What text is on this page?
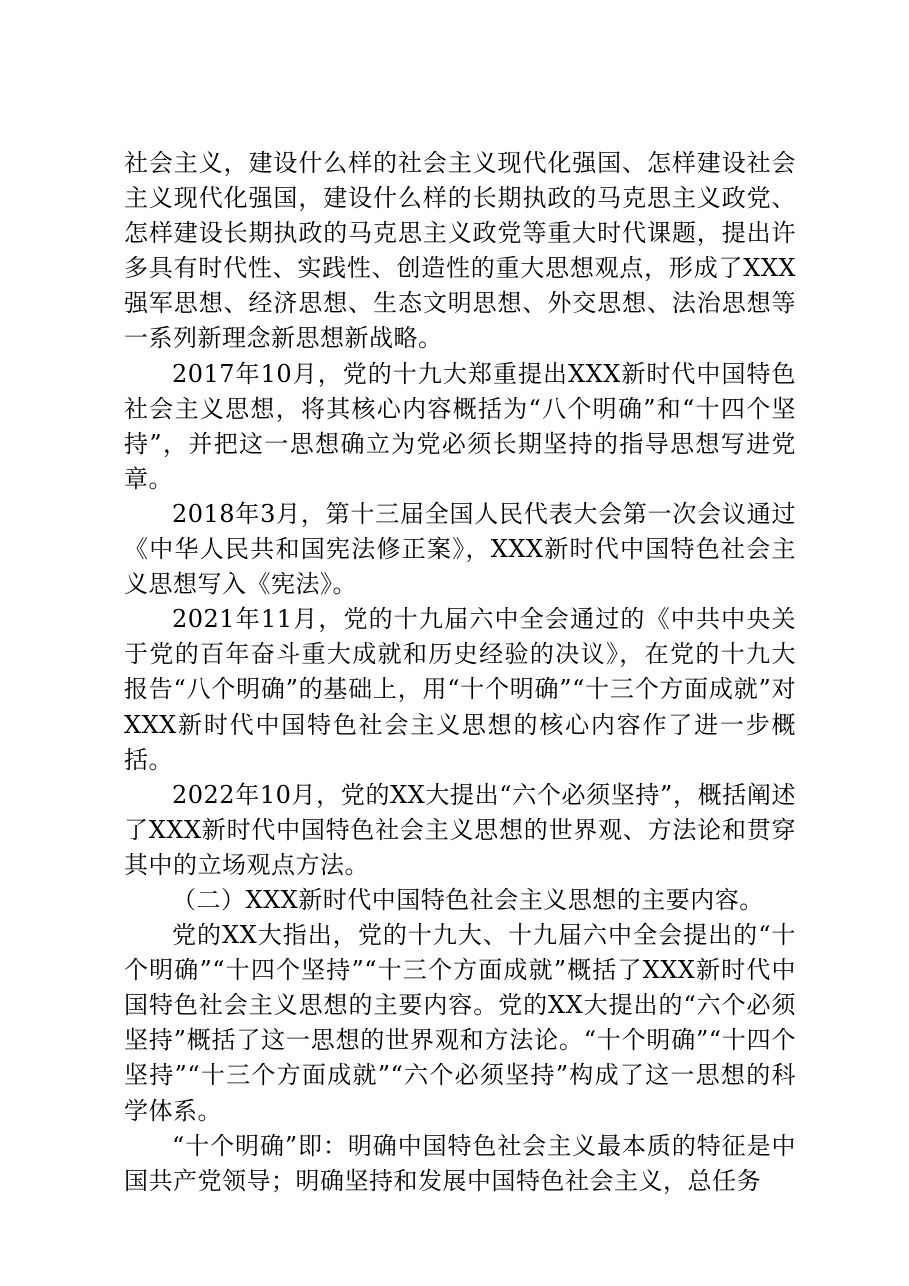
社会主义，建设什么样的社会主义现代化强国、怎样建设社会主义现代化强国，建设什么样的长期执政的马克思主义政党、怎样建设长期执政的马克思主义政党等重大时代课题，提出许多具有时代性、实践性、创造性的重大思想观点，形成了XXX强军思想、经济思想、生态文明思想、外交思想、法治思想等一系列新理念新思想新战略。

2017年10月，党的十九大郑重提出XXX新时代中国特色社会主义思想，将其核心内容概括为“八个明确”和“十四个坚持”，并把这一思想确立为党必须长期坚持的指导思想写进党章。

2018年3月，第十三届全国人民代表大会第一次会议通过《中华人民共和国宪法修正案》，XXX新时代中国特色社会主义思想写入《宪法》。

2021年11月，党的十九届六中全会通过的《中共中央关于党的百年奋斗重大成就和历史经验的决议》，在党的十九大报告“八个明确”的基础上，用“十个明确”“十三个方面成就”对XXX新时代中国特色社会主义思想的核心内容作了进一步概括。

2022年10月，党的XX大提出“六个必须坚持”，概括阐述了XXX新时代中国特色社会主义思想的世界观、方法论和贯穿其中的立场观点方法。

（二）XXX新时代中国特色社会主义思想的主要内容。

党的XX大指出，党的十九大、十九届六中全会提出的“十个明确”“十四个坚持”“十三个方面成就”概括了XXX新时代中国特色社会主义思想的主要内容。党的XX大提出的“六个必须坚持”概括了这一思想的世界观和方法论。“十个明确”“十四个坚持”“十三个方面成就”“六个必须坚持”构成了这一思想的科学体系。

“十个明确”即：明确中国特色社会主义最本质的特征是中国共产党领导；明确坚持和发展中国特色社会主义，总任务
